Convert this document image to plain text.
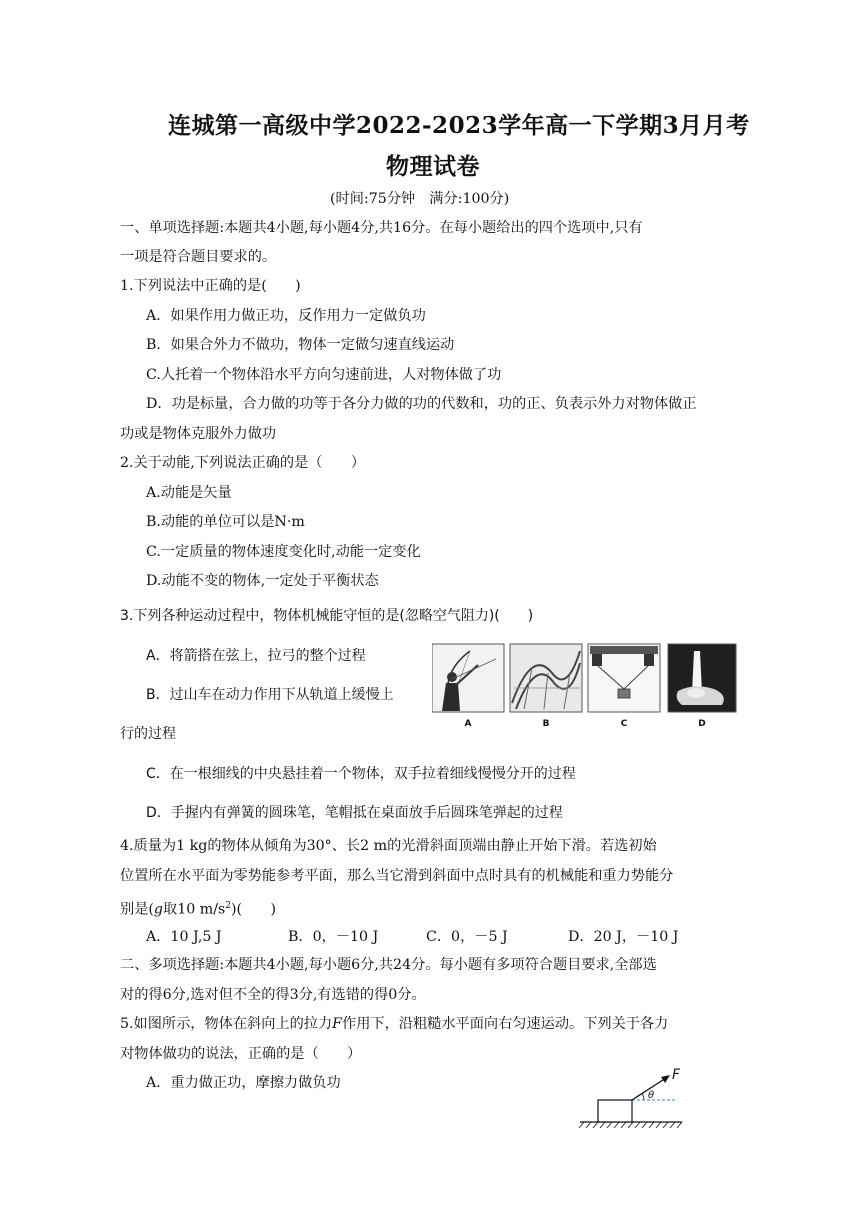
连城第一高级中学2022-2023学年高一下学期3月月考
物理试卷
(时间:75分钟　满分:100分)
一、单项选择题:本题共4小题,每小题4分,共16分。在每小题给出的四个选项中,只有
一项是符合题目要求的。
1.下列说法中正确的是(　　)
A．如果作用力做正功，反作用力一定做负功
B．如果合外力不做功，物体一定做匀速直线运动
C.人托着一个物体沿水平方向匀速前进，人对物体做了功
D．功是标量，合力做的功等于各分力做的功的代数和，功的正、负表示外力对物体做正
功或是物体克服外力做功
2.关于动能,下列说法正确的是（　　）
A.动能是矢量
B.动能的单位可以是N·m
C.一定质量的物体速度变化时,动能一定变化
D.动能不变的物体,一定处于平衡状态
3.下列各种运动过程中，物体机械能守恒的是(忽略空气阻力)(　　)
A．将箭搭在弦上，拉弓的整个过程
B．过山车在动力作用下从轨道上缓慢上
行的过程
C．在一根细线的中央悬挂着一个物体，双手拉着细线慢慢分开的过程
D．手握内有弹簧的圆珠笔，笔帽抵在桌面放手后圆珠笔弹起的过程
A	B	C	D
4.质量为1 kg的物体从倾角为30°、长2 m的光滑斜面顶端由静止开始下滑。若选初始
位置所在水平面为零势能参考平面，那么当它滑到斜面中点时具有的机械能和重力势能分
别是(g取10 $m/s^2$)(　　)
A．10 J,5 J	B．0，－10 J	C．0，－5 J	D．20 J，－10 J
二、多项选择题:本题共4小题,每小题6分,共24分。每小题有多项符合题目要求,全部选
对的得6分,选对但不全的得3分,有选错的得0分。
5.如图所示，物体在斜向上的拉力F作用下，沿粗糙水平面向右匀速运动。下列关于各力
对物体做功的说法，正确的是（　　）
A．重力做正功，摩擦力做负功	F
θ
